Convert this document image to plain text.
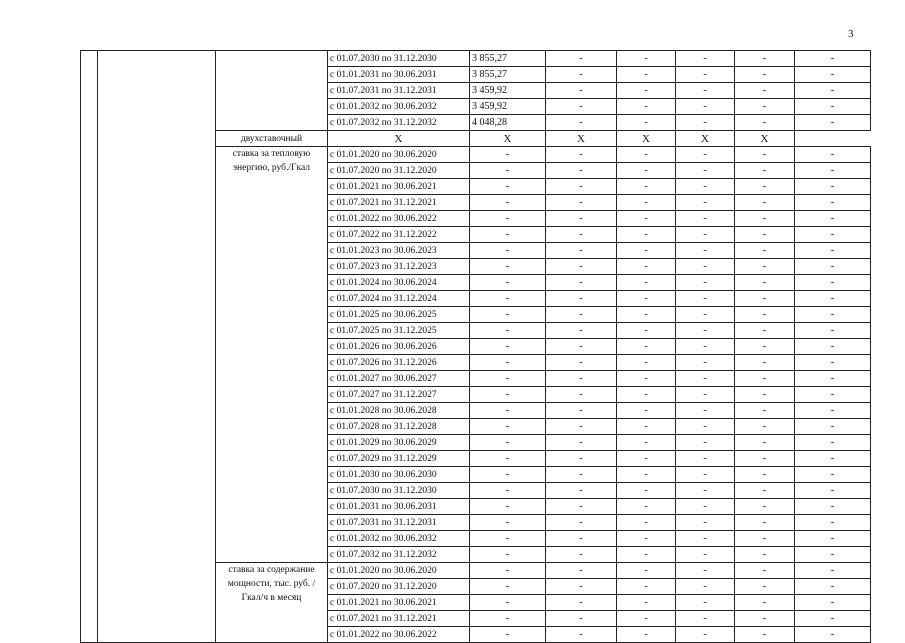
3
			с 01.07.2030 по 31.12.2030	3 855,27	-	-	-	-	-
			с 01.01.2031 по 30.06.2031	3 855,27	-	-	-	-	-
			с 01.07.2031 по 31.12.2031	3 459,92	-	-	-	-	-
			с 01.01.2032 по 30.06.2032	3 459,92	-	-	-	-	-
			с 01.07.2032 по 31.12.2032	4 048,28	-	-	-	-	-
		двухставочный	X	X	X	X	X	X	
		ставка за тепловую энергию, руб./Гкал	с 01.01.2020 по 30.06.2020	-	-	-	-	-	-
			с 01.07.2020 по 31.12.2020	-	-	-	-	-	-
			с 01.01.2021 по 30.06.2021	-	-	-	-	-	-
			с 01.07.2021 по 31.12.2021	-	-	-	-	-	-
			с 01.01.2022 по 30.06.2022	-	-	-	-	-	-
			с 01.07.2022 по 31.12.2022	-	-	-	-	-	-
			с 01.01.2023 по 30.06.2023	-	-	-	-	-	-
			с 01.07.2023 по 31.12.2023	-	-	-	-	-	-
			с 01.01.2024 по 30.06.2024	-	-	-	-	-	-
			с 01.07.2024 по 31.12.2024	-	-	-	-	-	-
			с 01.01.2025 по 30.06.2025	-	-	-	-	-	-
			с 01.07.2025 по 31.12.2025	-	-	-	-	-	-
			с 01.01.2026 по 30.06.2026	-	-	-	-	-	-
			с 01.07.2026 по 31.12.2026	-	-	-	-	-	-
			с 01.01.2027 по 30.06.2027	-	-	-	-	-	-
			с 01.07.2027 по 31.12.2027	-	-	-	-	-	-
			с 01.01.2028 по 30.06.2028	-	-	-	-	-	-
			с 01.07.2028 по 31.12.2028	-	-	-	-	-	-
			с 01.01.2029 по 30.06.2029	-	-	-	-	-	-
			с 01.07.2029 по 31.12.2029	-	-	-	-	-	-
			с 01.01.2030 по 30.06.2030	-	-	-	-	-	-
			с 01.07.2030 по 31.12.2030	-	-	-	-	-	-
			с 01.01.2031 по 30.06.2031	-	-	-	-	-	-
			с 01.07.2031 по 31.12.2031	-	-	-	-	-	-
			с 01.01.2032 по 30.06.2032	-	-	-	-	-	-
			с 01.07.2032 по 31.12.2032	-	-	-	-	-	-
		ставка за содержание мощности, тыс. руб. /Гкал/ч в месяц	с 01.01.2020 по 30.06.2020	-	-	-	-	-	-
			с 01.07.2020 по 31.12.2020	-	-	-	-	-	-
			с 01.01.2021 по 30.06.2021	-	-	-	-	-	-
			с 01.07.2021 по 31.12.2021	-	-	-	-	-	-
			с 01.01.2022 по 30.06.2022	-	-	-	-	-	-
